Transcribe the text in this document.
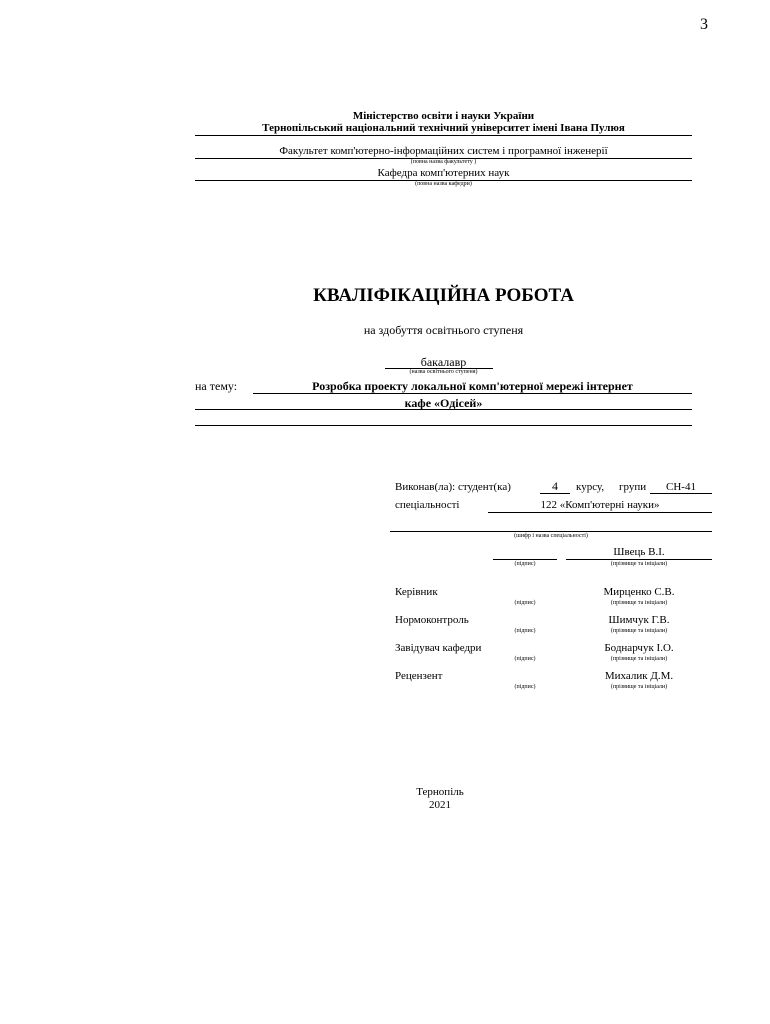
3
Міністерство освіти і науки України
Тернопільський національний технічний університет імені Івана Пулюя
Факультет комп'ютерно-інформаційних систем і програмної інженерії
(повна назва факультету )
Кафедра комп'ютерних наук
(повна назва кафедри)
КВАЛІФІКАЦІЙНА РОБОТА
на здобуття освітнього ступеня
бакалавр
(назва освітнього ступеня)
на тему:	Розробка проекту локальної комп'ютерної мережі інтернет
кафе «Одісей»
Виконав(ла): студент(ка)	4	курсу, групи	СН-41
спеціальності	122 «Комп'ютерні науки»
(шифр і назва спеціальності)
Швець В.І.
(підпис)	(прізвище та ініціали)
Керівник	Мирценко С.В.
(підпис)	(прізвище та ініціали)
Нормоконтроль	Шимчук Г.В.
(підпис)	(прізвище та ініціали)
Завідувач кафедри	Боднарчук І.О.
(підпис)	(прізвище та ініціали)
Рецензент	Михалик Д.М.
(підпис)	(прізвище та ініціали)
Тернопіль
2021
